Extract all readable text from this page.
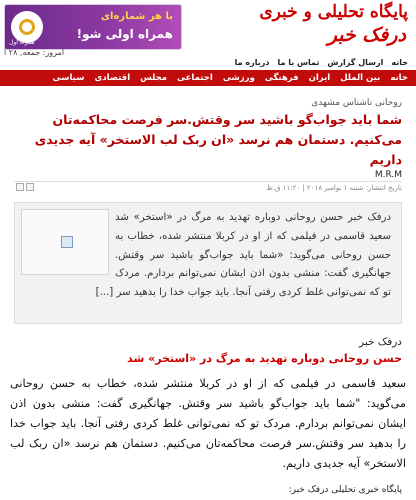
همراه اول
با هر شماره‌ای
همراه اولی شو!
پایگاه تحلیلی و خبری
درفک خبر
امروز: جمعه, ۲۸ آ
خانه
ارسال گزارش
تماس با ما
درباره ما
خانه
بین الملل
ایران
فرهنگی
ورزشی
اجتماعی
مجلس
اقتصادی
سیاسی
روحانی ناشناس مشهدی
شما باید جواب‌گو باشید سر وقتش.سر فرصت محاکمه‌تان می‌کنیم. دستمان هم نرسد «ان ربک لب الاستخر» آیه جدیدی داریم
M.R.M
تاریخ انتشار: شنبه ۱ نوامبر ۲۰۱۸ | ۱۱:۲۰ ق.ظ
درفک خبر حسن روحانی دوباره تهدید به مرگ در «استخر» شد سعید قاسمی در فیلمی که از او در کربلا منتشر شده، خطاب به حسن روحانی می‌گوید: «شما باید جواب‌گو باشید سر وقتش. جهانگیری گفت: منشی بدون اذن ایشان نمی‌توانم بردارم. مردک تو که نمی‌توانی غلط کردی رفتی آنجا. باید جواب خدا را بدهید سر [...]
درفک خبر
حسن روحانی دوباره تهدید به مرگ در «استخر» شد
سعید قاسمی در فیلمی که از او در کربلا منتشر شده، خطاب به حسن روحانی می‌گوید: "شما باید جواب‌گو باشید سر وقتش. جهانگیری گفت: منشی بدون اذن ایشان نمی‌توانم بردارم. مردک تو که نمی‌توانی غلط کردی رفتی آنجا. باید جواب خدا را بدهید سر وقتش.سر فرصت محاکمه‌تان می‌کنیم. دستمان هم نرسد «ان ربک لب الاستخر» آیه جدیدی داریم.
پایگاه خبری تحلیلی درفک خبر:
